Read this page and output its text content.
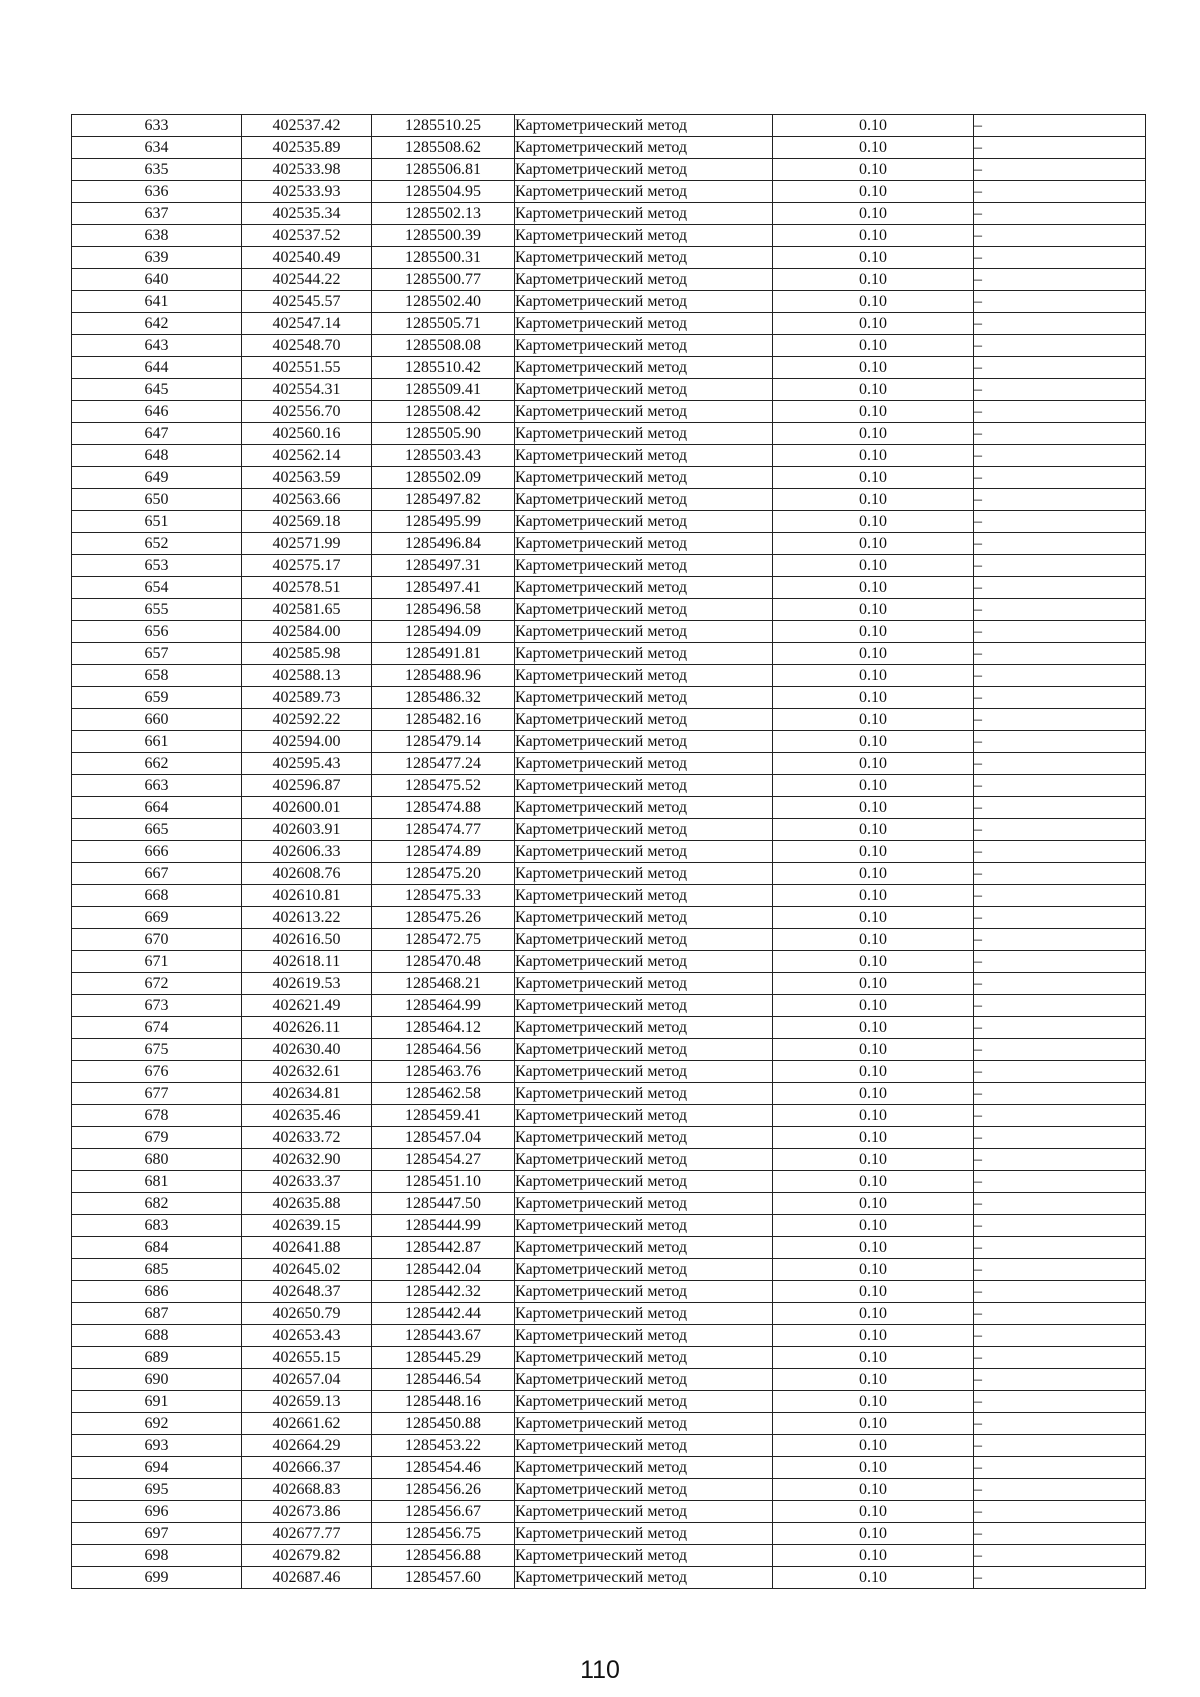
633	402537.42	1285510.25	Картометрический метод	0.10	–
634	402535.89	1285508.62	Картометрический метод	0.10	–
635	402533.98	1285506.81	Картометрический метод	0.10	–
636	402533.93	1285504.95	Картометрический метод	0.10	–
637	402535.34	1285502.13	Картометрический метод	0.10	–
638	402537.52	1285500.39	Картометрический метод	0.10	–
639	402540.49	1285500.31	Картометрический метод	0.10	–
640	402544.22	1285500.77	Картометрический метод	0.10	–
641	402545.57	1285502.40	Картометрический метод	0.10	–
642	402547.14	1285505.71	Картометрический метод	0.10	–
643	402548.70	1285508.08	Картометрический метод	0.10	–
644	402551.55	1285510.42	Картометрический метод	0.10	–
645	402554.31	1285509.41	Картометрический метод	0.10	–
646	402556.70	1285508.42	Картометрический метод	0.10	–
647	402560.16	1285505.90	Картометрический метод	0.10	–
648	402562.14	1285503.43	Картометрический метод	0.10	–
649	402563.59	1285502.09	Картометрический метод	0.10	–
650	402563.66	1285497.82	Картометрический метод	0.10	–
651	402569.18	1285495.99	Картометрический метод	0.10	–
652	402571.99	1285496.84	Картометрический метод	0.10	–
653	402575.17	1285497.31	Картометрический метод	0.10	–
654	402578.51	1285497.41	Картометрический метод	0.10	–
655	402581.65	1285496.58	Картометрический метод	0.10	–
656	402584.00	1285494.09	Картометрический метод	0.10	–
657	402585.98	1285491.81	Картометрический метод	0.10	–
658	402588.13	1285488.96	Картометрический метод	0.10	–
659	402589.73	1285486.32	Картометрический метод	0.10	–
660	402592.22	1285482.16	Картометрический метод	0.10	–
661	402594.00	1285479.14	Картометрический метод	0.10	–
662	402595.43	1285477.24	Картометрический метод	0.10	–
663	402596.87	1285475.52	Картометрический метод	0.10	–
664	402600.01	1285474.88	Картометрический метод	0.10	–
665	402603.91	1285474.77	Картометрический метод	0.10	–
666	402606.33	1285474.89	Картометрический метод	0.10	–
667	402608.76	1285475.20	Картометрический метод	0.10	–
668	402610.81	1285475.33	Картометрический метод	0.10	–
669	402613.22	1285475.26	Картометрический метод	0.10	–
670	402616.50	1285472.75	Картометрический метод	0.10	–
671	402618.11	1285470.48	Картометрический метод	0.10	–
672	402619.53	1285468.21	Картометрический метод	0.10	–
673	402621.49	1285464.99	Картометрический метод	0.10	–
674	402626.11	1285464.12	Картометрический метод	0.10	–
675	402630.40	1285464.56	Картометрический метод	0.10	–
676	402632.61	1285463.76	Картометрический метод	0.10	–
677	402634.81	1285462.58	Картометрический метод	0.10	–
678	402635.46	1285459.41	Картометрический метод	0.10	–
679	402633.72	1285457.04	Картометрический метод	0.10	–
680	402632.90	1285454.27	Картометрический метод	0.10	–
681	402633.37	1285451.10	Картометрический метод	0.10	–
682	402635.88	1285447.50	Картометрический метод	0.10	–
683	402639.15	1285444.99	Картометрический метод	0.10	–
684	402641.88	1285442.87	Картометрический метод	0.10	–
685	402645.02	1285442.04	Картометрический метод	0.10	–
686	402648.37	1285442.32	Картометрический метод	0.10	–
687	402650.79	1285442.44	Картометрический метод	0.10	–
688	402653.43	1285443.67	Картометрический метод	0.10	–
689	402655.15	1285445.29	Картометрический метод	0.10	–
690	402657.04	1285446.54	Картометрический метод	0.10	–
691	402659.13	1285448.16	Картометрический метод	0.10	–
692	402661.62	1285450.88	Картометрический метод	0.10	–
693	402664.29	1285453.22	Картометрический метод	0.10	–
694	402666.37	1285454.46	Картометрический метод	0.10	–
695	402668.83	1285456.26	Картометрический метод	0.10	–
696	402673.86	1285456.67	Картометрический метод	0.10	–
697	402677.77	1285456.75	Картометрический метод	0.10	–
698	402679.82	1285456.88	Картометрический метод	0.10	–
699	402687.46	1285457.60	Картометрический метод	0.10	–
110
